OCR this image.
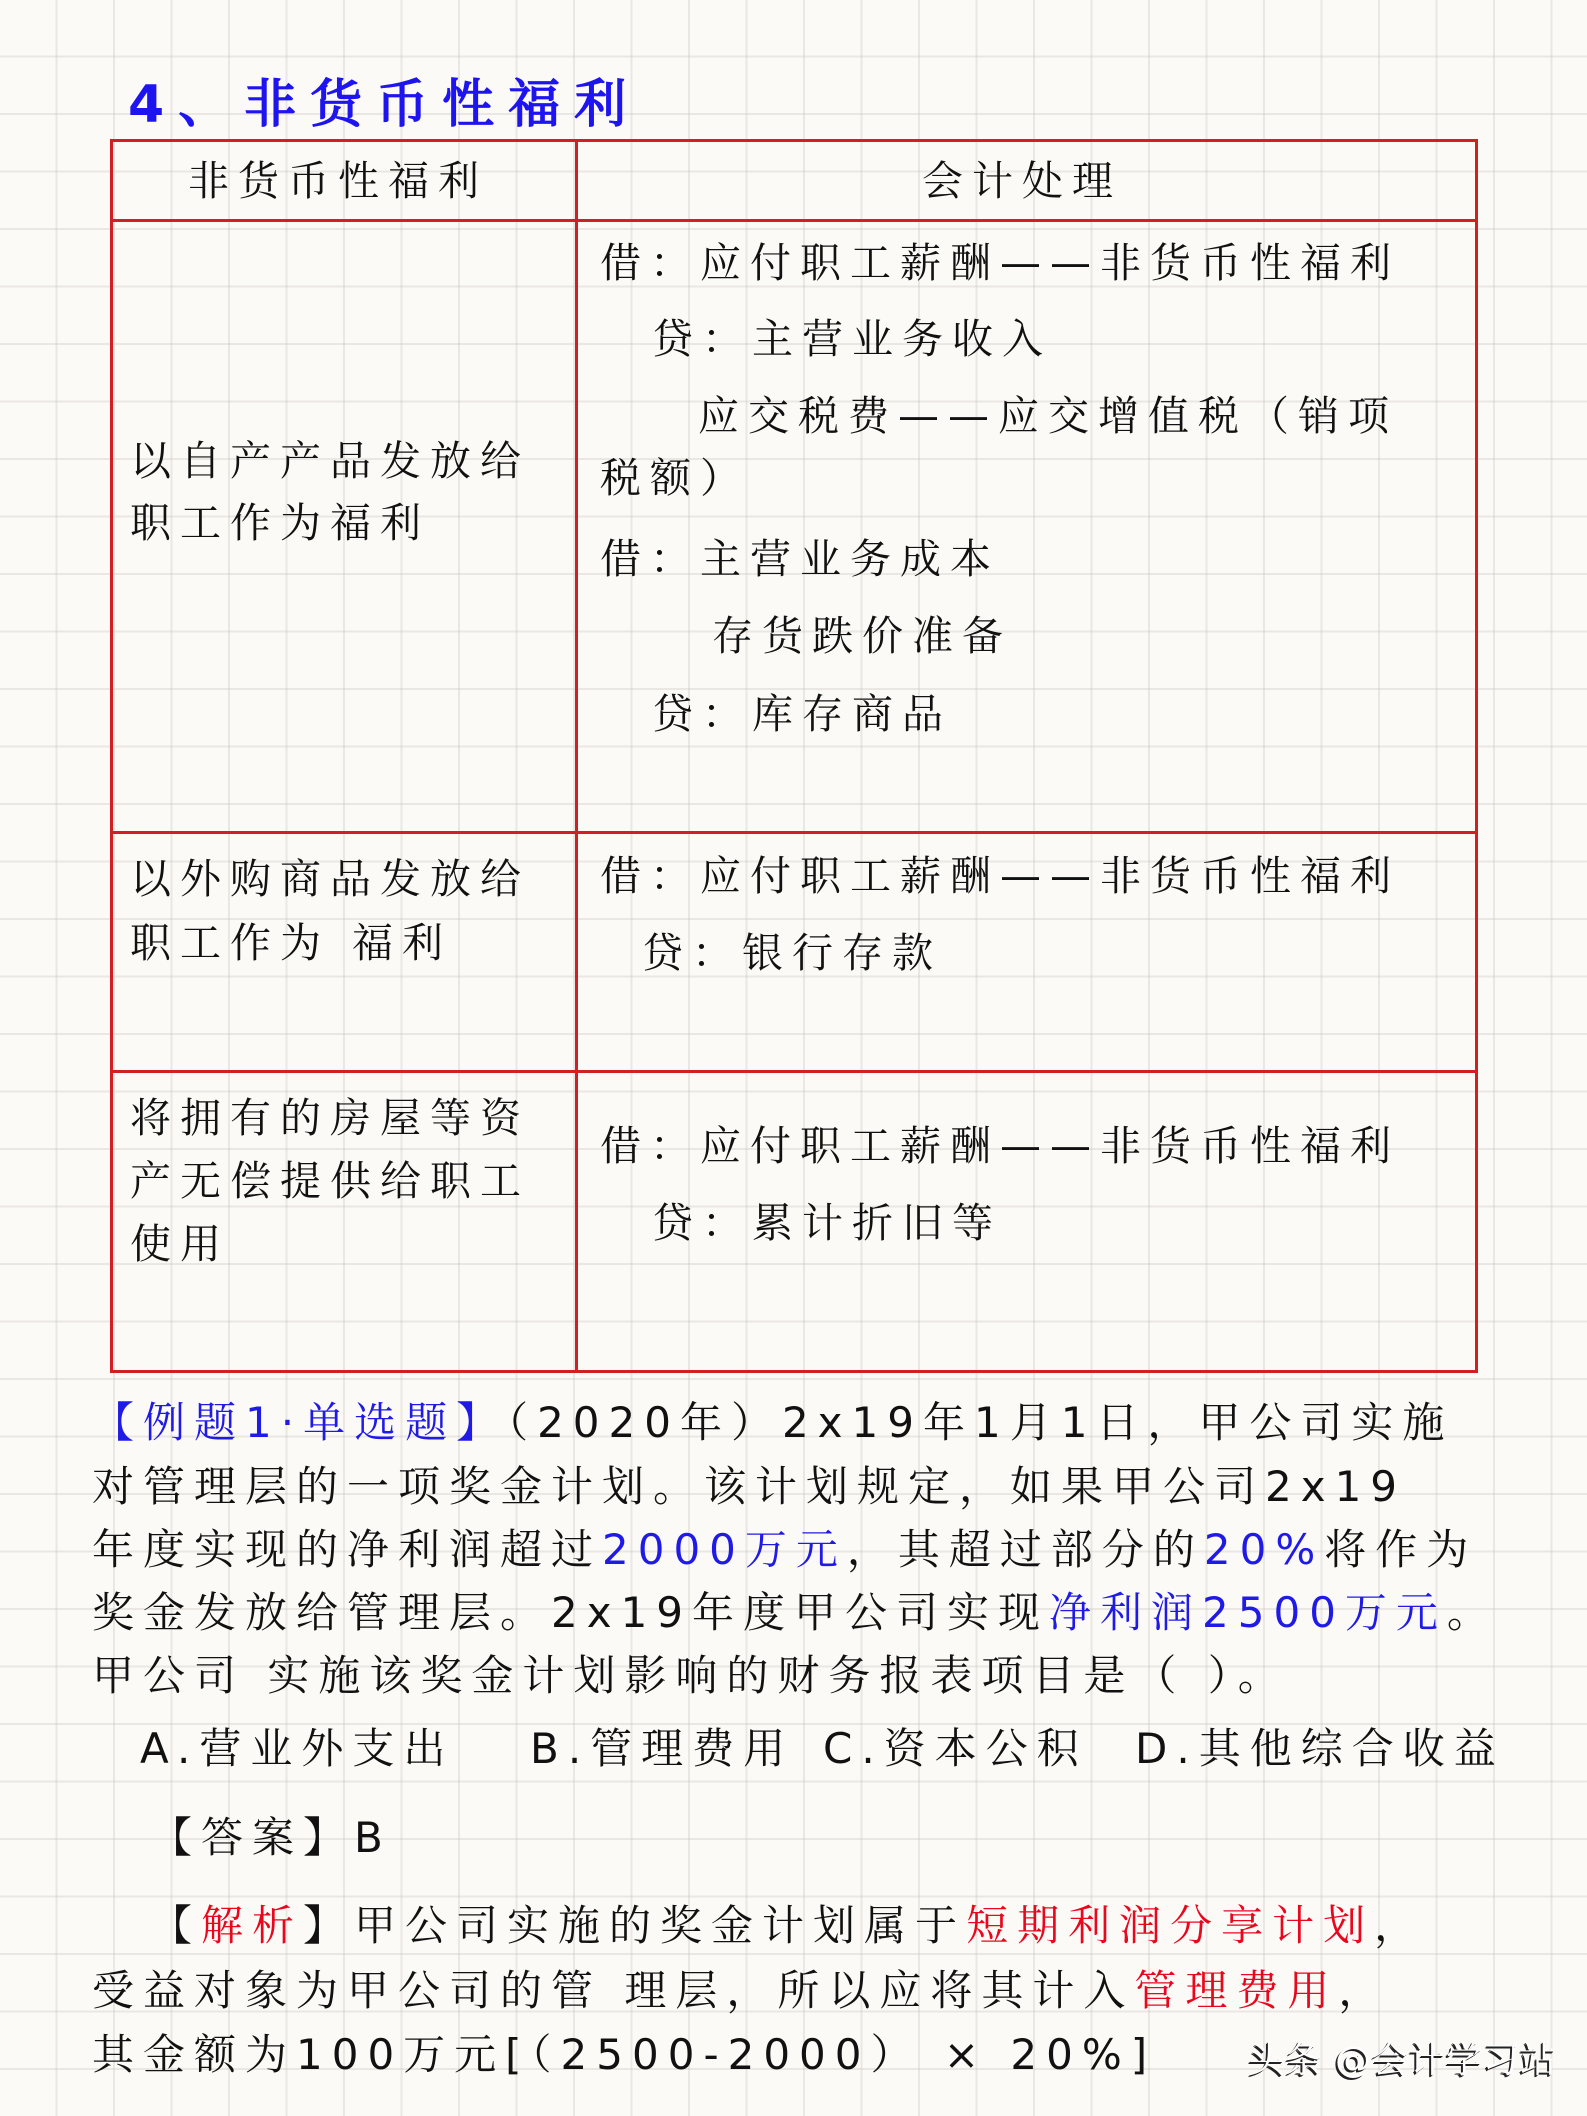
4、非货币性福利
非货币性福利	会计处理
以自产产品发放给
职工作为福利
借：应付职工薪酬——非货币性福利
贷：主营业务收入
应交税费——应交增值税（销项
税额）
借：主营业务成本
存货跌价准备
贷：库存商品
以外购商品发放给
职工作为 福利
借：应付职工薪酬——非货币性福利
贷：银行存款
将拥有的房屋等资
产无偿提供给职工
使用
借：应付职工薪酬——非货币性福利
贷：累计折旧等
【例题1·单选题】（2020年）2x19年1月1日，甲公司实施
对管理层的一项奖金计划。该计划规定，如果甲公司2x19
年度实现的净利润超过2000万元，其超过部分的20%将作为
奖金发放给管理层。2x19年度甲公司实现净利润2500万元。
甲公司 实施该奖金计划影响的财务报表项目是（ ）。
A.营业外支出 B.管理费用 C.资本公积 D.其他综合收益
【答案】B
【解析】甲公司实施的奖金计划属于短期利润分享计划，
受益对象为甲公司的管 理层，所以应将其计入管理费用，
其金额为100万元[（2500-2000） × 20%]	头条 @会计学习站
